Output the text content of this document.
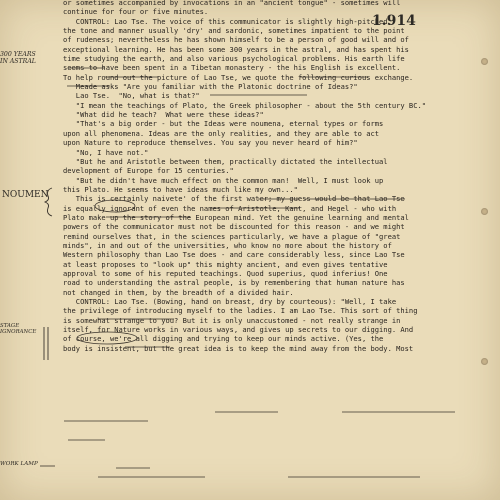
1.914
300 YEARS
IN ASTRAL
NOUMEN
STAGE
IGNORANCE
WORK LAMP

or sometimes accompanied by invocations in an "ancient tongue" - sometimes will

continue for four or five minutes.

CONTROL: Lao Tse. The voice of this communicator is slightly high-pitched,

the tone and manner usually 'dry' and sardonic, sometimes impatient to the point

of rudeness; nevertheless he has shown himself to be a person of good will and of

exceptional learning. He has been some 300 years in the astral, and has spent his

time studying the earth, and also various psychological problems. His earth life

seems to have been spent in a Tibetan monastery - the his English is excellent.

To help round out the picture of Lao Tse, we quote the following curious exchange.

Meade asks "Are you familiar with the Platonic doctrine of Ideas?"

Lao Tse.  "No, what is that?"

"I mean the teachings of Plato, the Greek philosopher - about the 5th century BC."

"What did he teach?  What were these ideas?"

"That's a big order - but the Ideas were noumena, eternal types or forms

upon all phenomena. Ideas are the only realities, and they are able to act

upon Nature to reproduce themselves. You say you never heard of him?"

"No, I have not."

"But he and Aristotle between them, practically dictated the intellectual

development of Europe for 15 centuries."

"But he didn't have much effect on the common man!  Well, I must look up

this Plato. He seems to have ideas much like my own..."

This is certainly naivete' of the first water; my guess would be that Lao Tse

is equally ignorant of even the names of Aristotle, Kant, and Hegel - who with

Plato make up the story of the European mind. Yet the genuine learning and mental

powers of the communicator must not be discounted for this reason - and we might

remind ourselves that, in the sciences particularly, we have a plague of "great

minds", in and out of the universities, who know no more about the history of

Western philosophy than Lao Tse does - and care considerably less, since Lao Tse

at least proposes to "look up" this mighty ancient, and even gives tentative

approval to some of his reputed teachings. Quod superius, quod inferius! One

road to understanding the astral people, is by remembering that human nature has

not changed in them, by the breadth of a divided hair.

CONTROL: Lao Tse. (Bowing, hand on breast, dry by courteous): "Well, I take

the privilege of introducing myself to the ladies. I am Lao Tse. This sort of thing

is somewhat strange to you? But it is only unaccustomed - not really strange in

itself, for Nature works in various ways, and gives up secrets to our digging. And

of course, we're all digging and trying to keep our minds active. (Yes, the

body is insistent, but the great idea is to keep the mind away from the body. Most
